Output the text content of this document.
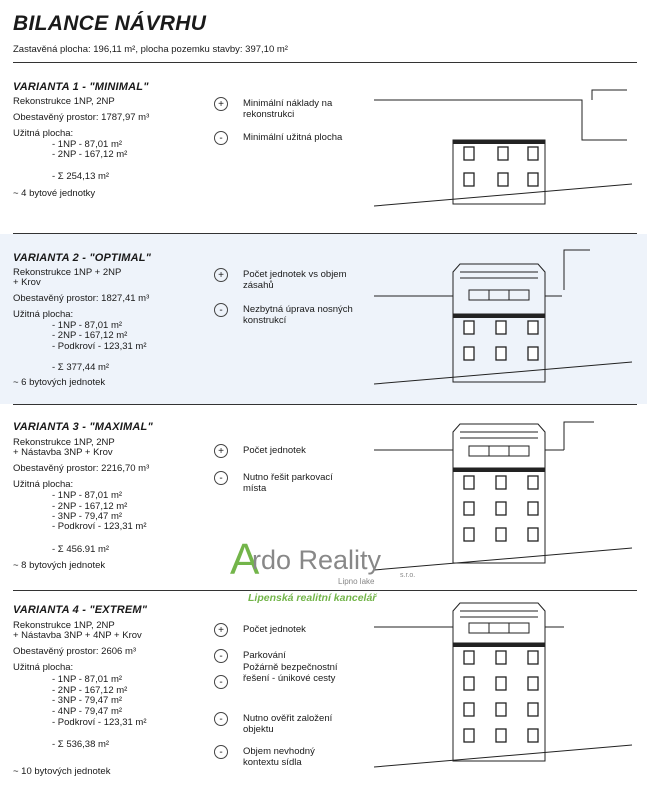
BILANCE NÁVRHU
Zastavěná plocha: 196,11 m², plocha pozemku stavby: 397,10 m²
VARIANTA 1 - "MINIMAL"
Rekonstrukce 1NP, 2NP
Obestavěný prostor: 1787,97 m³
Užitná plocha:
- 1NP - 87,01 m²
- 2NP - 167,12 m²
- Σ 254,13 m²
~ 4 bytové jednotky
+	Minimální náklady na rekonstrukci
-	Minimální užitná plocha
VARIANTA 2 - "OPTIMAL"
Rekonstrukce 1NP + 2NP
+ Krov
Obestavěný prostor: 1827,41 m³
Užitná plocha:
- 1NP - 87,01 m²
- 2NP - 167,12 m²
- Podkroví - 123,31 m²
- Σ 377,44 m²
~ 6 bytových jednotek
+	Počet jednotek vs objem zásahů
-	Nezbytná úprava nosných konstrukcí
VARIANTA 3 - "MAXIMAL"
Rekonstrukce 1NP, 2NP
+ Nástavba 3NP + Krov
Obestavěný prostor: 2216,70 m³
Užitná plocha:
- 1NP - 87,01 m²
- 2NP - 167,12 m²
- 3NP - 79,47 m²
- Podkroví - 123,31 m²
- Σ 456.91 m²
~ 8 bytových jednotek
+	Počet jednotek
-	Nutno řešit parkovací místa
A
rdo Reality
Lipno lake
s.r.o.
Lipenská realitní kancelář
VARIANTA 4 - "EXTREM"
Rekonstrukce 1NP, 2NP
+ Nástavba 3NP + 4NP + Krov
Obestavěný prostor: 2606 m³
Užitná plocha:
- 1NP - 87,01 m²
- 2NP - 167,12 m²
- 3NP - 79,47 m²
- 4NP - 79,47 m²
- Podkroví - 123,31 m²
- Σ 536,38 m²
~ 10 bytových jednotek
+	Počet jednotek
-	Parkování
-
Požárně bezpečnostní řešení - únikové cesty
-	Nutno ověřit založení objektu
-	Objem nevhodný kontextu sídla
